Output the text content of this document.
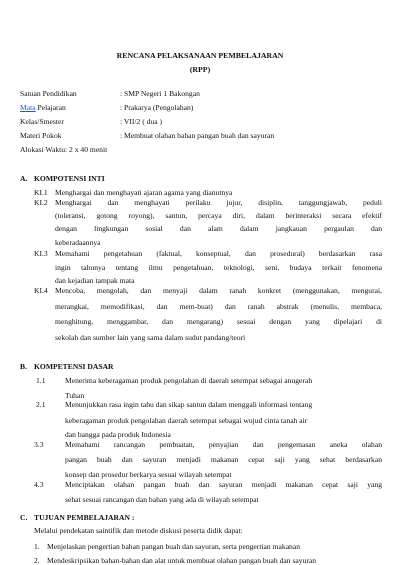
RENCANA PELAKSANAAN PEMBELAJARAN
(RPP)
Satuan Pendidikan	: SMP Negeri 1 Bakongan
Mata Pelajaran	: Prakarya (Pengolahan)
Kelas/Smester	: VII/2 ( dua )
Materi Pokok	: Membuat olahan bahan pangan buah dan sayuran
Alokasi Waktu: 2 x 40 menit
A. KOMPOTENSI INTI
KI.1 Menghargai dan menghayati ajaran agama yang dianutnya
KI.2 Menghargai dan menghayati perilaku jujur, disiplin, tanggungjawab, peduli
(toleransi, gotong royong), santun, percaya diri, dalam berinteraksi secara efektif
dengan lingkungan sosial dan alam dalam jangkauan pergaulan dan
keberadaannya
KI.3 Memahami pengetahuan (faktual, konseptual, dan prosedural) berdasarkan rasa
ingin tahunya tentang ilmu pengetahuan, teknologi, seni, budaya terkait fenomena
dan kejadian tampak mata
KI.4 Mencoba, mengolah, dan menyaji dalam ranah konkret (menggunakan, mengurai,
merangkai, memodifikasi, dan mem-buat) dan ranah abstrak (menulis, membaca,
menghitung, menggambar, dan mengarang) sesuai dengan yang dipelajari di
sekolah dan sumber lain yang sama dalam sudut pandang/teori
B. KOMPETENSI DASAR
1.1	Menerima keberagaman produk pengolahan di daerah setempat sebagai anugerah
Tuhan
2.1	Menunjukkan rasa ingin tahu dan sikap santun dalam menggali informasi tentang
keberagaman produk pengolahan daerah setempat sebagai wujud cinta tanah air
dan bangga pada produk Indonesia
3.3	Memahami rancangan pembuatan, penyajian dan pengemasan aneka olahan
pangan buah dan sayuran menjadi makanan cepat saji yang sehat berdasarkan
konsep dan prosedur berkarya sesuai wilayah setempat
4.3	Menciptakan olahan pangan buah dan sayuran menjadi makanan cepat saji yang
sehat sesuai rancangan dan bahan yang ada di wilayah setempat
C. TUJUAN PEMBELAJARAN :
Melalui pendekatan saintifik dan metode diskusi peserta didik dapat:
1. Menjelaskan pengertian bahan pangan buah dan sayuran, serta pengertian makanan
2. Mendeskripsikan bahan-bahan dan alat untuk membuat olahan pangan buah dan sayuran
